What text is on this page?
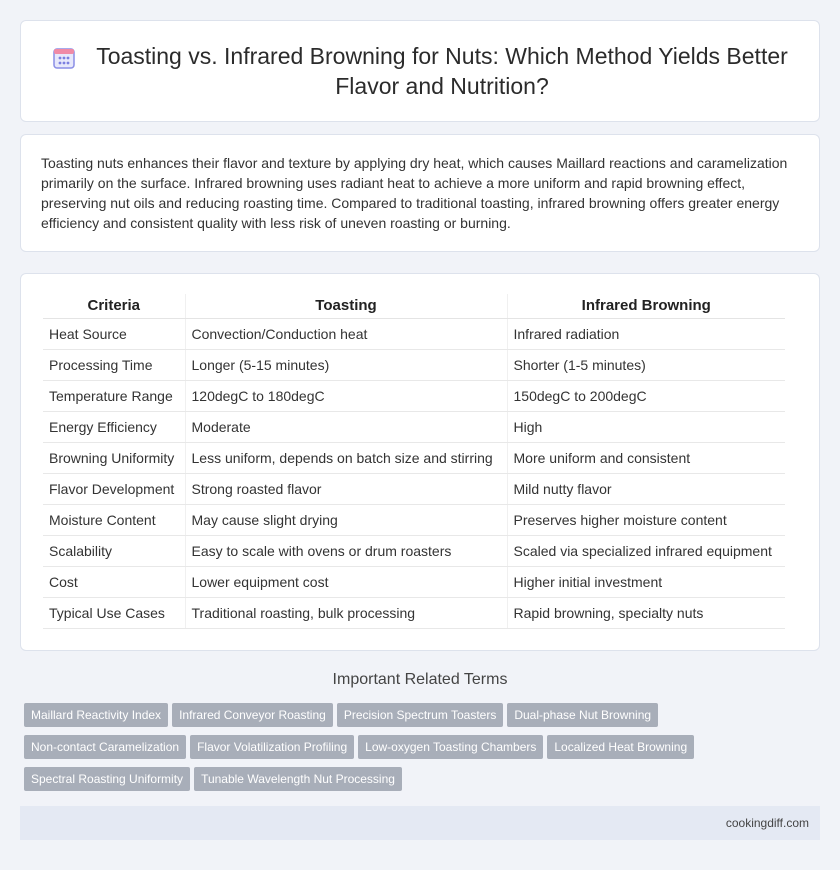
Toasting vs. Infrared Browning for Nuts: Which Method Yields Better Flavor and Nutrition?

Toasting nuts enhances their flavor and texture by applying dry heat, which causes Maillard reactions and caramelization primarily on the surface. Infrared browning uses radiant heat to achieve a more uniform and rapid browning effect, preserving nut oils and reducing roasting time. Compared to traditional toasting, infrared browning offers greater energy efficiency and consistent quality with less risk of uneven roasting or burning.

Criteria	Toasting	Infrared Browning
Heat Source	Convection/Conduction heat	Infrared radiation
Processing Time	Longer (5-15 minutes)	Shorter (1-5 minutes)
Temperature Range	120degC to 180degC	150degC to 200degC
Energy Efficiency	Moderate	High
Browning Uniformity	Less uniform, depends on batch size and stirring	More uniform and consistent
Flavor Development	Strong roasted flavor	Mild nutty flavor
Moisture Content	May cause slight drying	Preserves higher moisture content
Scalability	Easy to scale with ovens or drum roasters	Scaled via specialized infrared equipment
Cost	Lower equipment cost	Higher initial investment
Typical Use Cases	Traditional roasting, bulk processing	Rapid browning, specialty nuts
Important Related Terms
Maillard Reactivity Index Infrared Conveyor Roasting Precision Spectrum Toasters Dual-phase Nut BrowningNon-contact Caramelization Flavor Volatilization Profiling Low-oxygen Toasting Chambers Localized Heat BrowningSpectral Roasting Uniformity Tunable Wavelength Nut Processing
cookingdiff.com
